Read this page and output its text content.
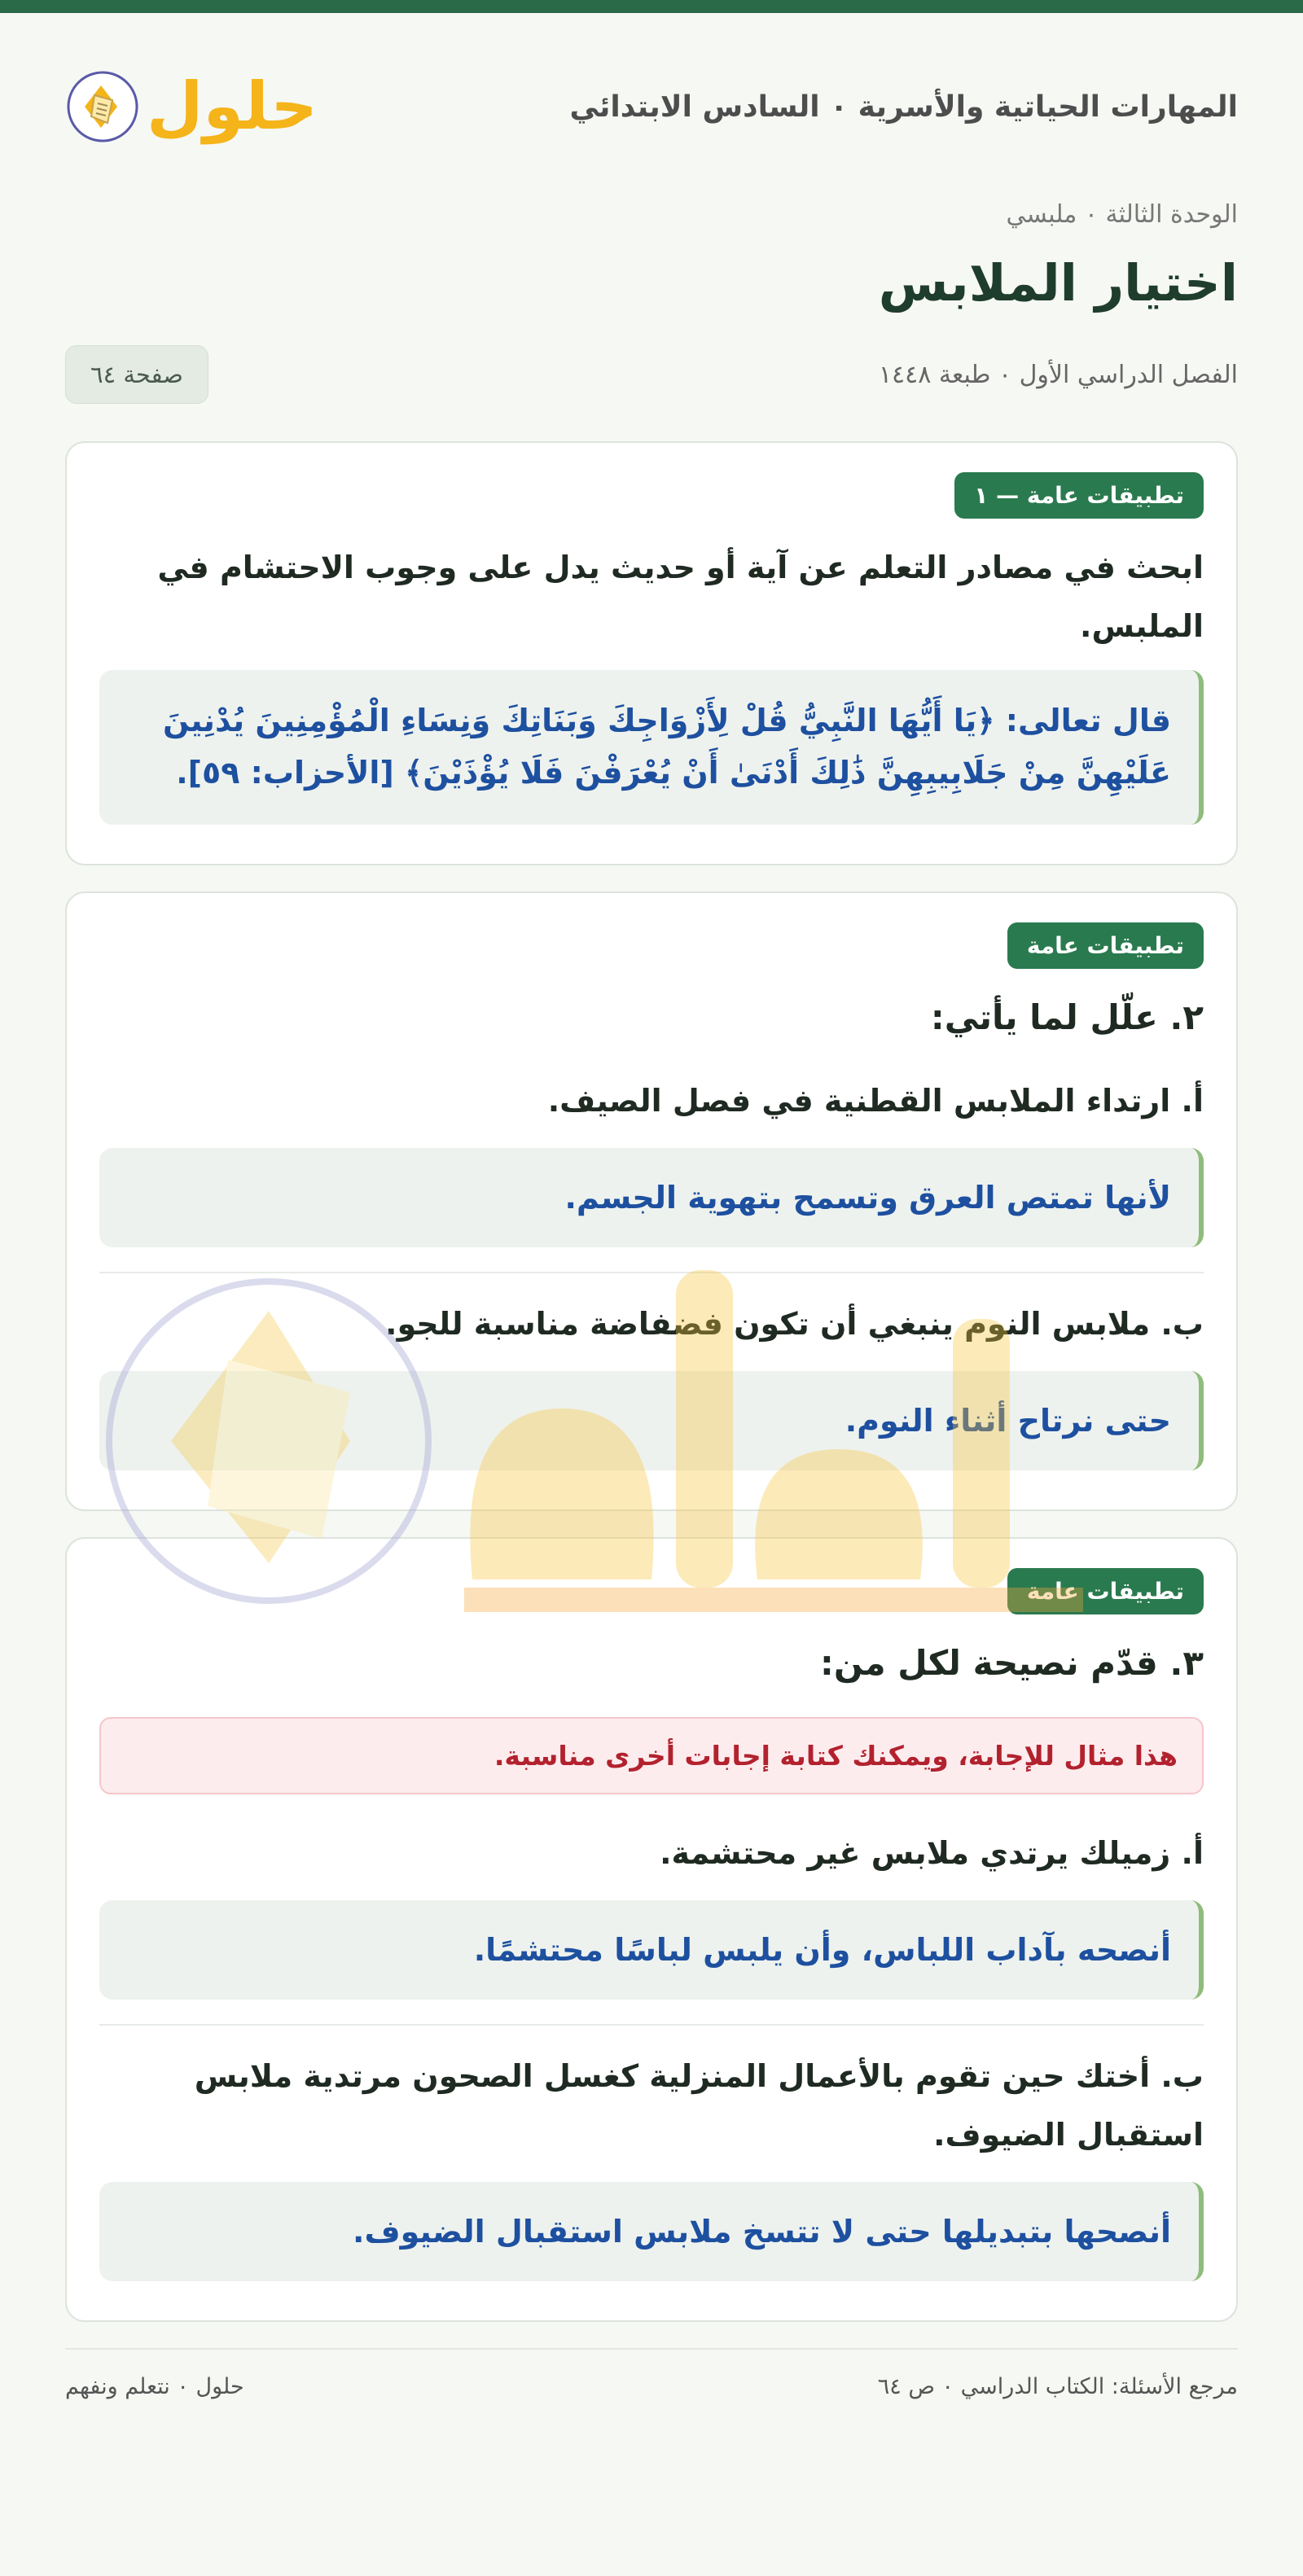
المهارات الحياتية والأسرية ٠ السادس الابتدائي
حلول
الوحدة الثالثة ٠ ملبسي
اختيار الملابس
الفصل الدراسي الأول ٠ طبعة ١٤٤٨
صفحة ٦٤
تطبيقات عامة — ١

ابحث في مصادر التعلم عن آية أو حديث يدل على وجوب الاحتشام في الملبس.

قال تعالى: ﴿يَا أَيُّهَا النَّبِيُّ قُلْ لِأَزْوَاجِكَ وَبَنَاتِكَ وَنِسَاءِ الْمُؤْمِنِينَ يُدْنِينَ عَلَيْهِنَّ مِنْ جَلَابِيبِهِنَّ ذَٰلِكَ أَدْنَىٰ أَنْ يُعْرَفْنَ فَلَا يُؤْذَيْنَ﴾ [الأحزاب: ٥٩].
تطبيقات عامة

٢. علّل لما يأتي:

أ. ارتداء الملابس القطنية في فصل الصيف.

لأنها تمتص العرق وتسمح بتهوية الجسم.

ب. ملابس النوم ينبغي أن تكون فضفاضة مناسبة للجو.

حتى نرتاح أثناء النوم.
تطبيقات عامة

٣. قدّم نصيحة لكل من:

هذا مثال للإجابة، ويمكنك كتابة إجابات أخرى مناسبة.

أ. زميلك يرتدي ملابس غير محتشمة.

أنصحه بآداب اللباس، وأن يلبس لباسًا محتشمًا.

ب. أختك حين تقوم بالأعمال المنزلية كغسل الصحون مرتدية ملابس استقبال الضيوف.

أنصحها بتبديلها حتى لا تتسخ ملابس استقبال الضيوف.
مرجع الأسئلة: الكتاب الدراسي ٠ ص ٦٤
حلول ٠ نتعلم ونفهم
